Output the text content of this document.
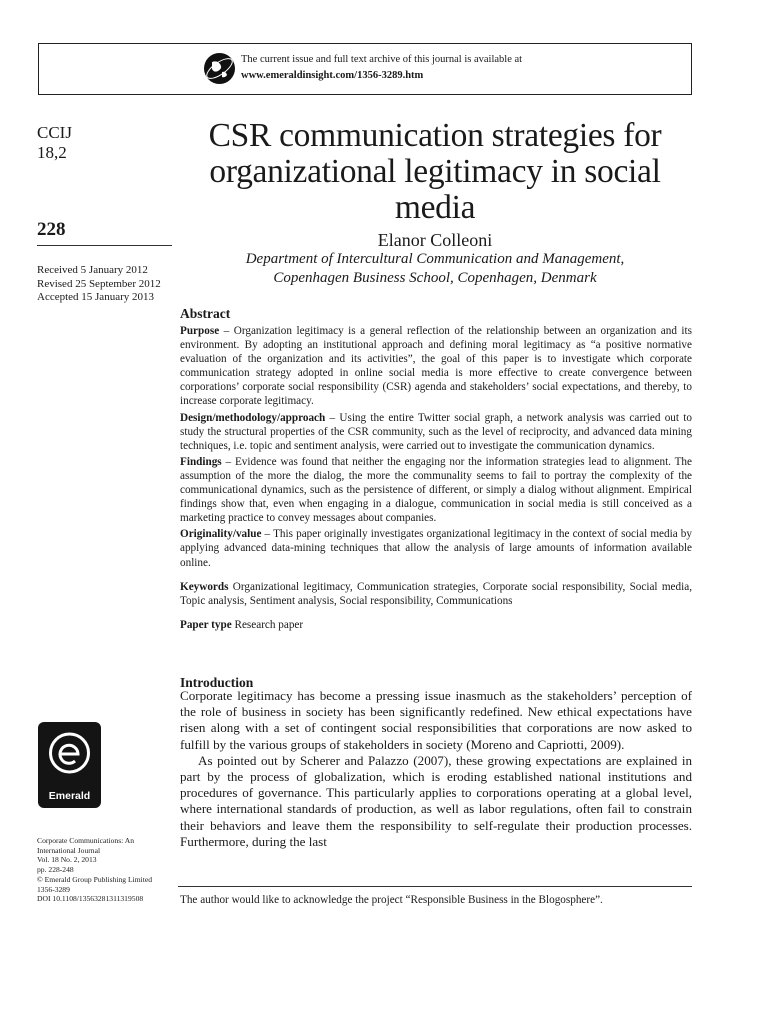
The current issue and full text archive of this journal is available at
www.emeraldinsight.com/1356-3289.htm
CCIJ
18,2
228
Received 5 January 2012
Revised 25 September 2012
Accepted 15 January 2013
CSR communication strategies for organizational legitimacy in social media
Elanor Colleoni
Department of Intercultural Communication and Management,
Copenhagen Business School, Copenhagen, Denmark
Abstract

Purpose – Organization legitimacy is a general reflection of the relationship between an organization and its environment. By adopting an institutional approach and defining moral legitimacy as “a positive normative evaluation of the organization and its activities”, the goal of this paper is to investigate which corporate communication strategy adopted in online social media is more effective to create convergence between corporations’ corporate social responsibility (CSR) agenda and stakeholders’ social expectations, and thereby, to increase corporate legitimacy.

Design/methodology/approach – Using the entire Twitter social graph, a network analysis was carried out to study the structural properties of the CSR community, such as the level of reciprocity, and advanced data mining techniques, i.e. topic and sentiment analysis, were carried out to investigate the communication dynamics.

Findings – Evidence was found that neither the engaging nor the information strategies lead to alignment. The assumption of the more the dialog, the more the communality seems to fail to portray the complexity of the communicational dynamics, such as the persistence of different, or simply a dialog without alignment. Empirical findings show that, even when engaging in a dialogue, communication in social media is still conceived as a marketing practice to convey messages about companies.

Originality/value – This paper originally investigates organizational legitimacy in the context of social media by applying advanced data-mining techniques that allow the analysis of large amounts of information available online.

Keywords Organizational legitimacy, Communication strategies, Corporate social responsibility, Social media, Topic analysis, Sentiment analysis, Social responsibility, Communications

Paper type Research paper

Introduction

Corporate legitimacy has become a pressing issue inasmuch as the stakeholders’ perception of the role of business in society has been significantly redefined. New ethical expectations have risen along with a set of contingent social responsibilities that corporations are now asked to fulfill by the various groups of stakeholders in society (Moreno and Capriotti, 2009).

As pointed out by Scherer and Palazzo (2007), these growing expectations are explained in part by the process of globalization, which is eroding established national institutions and procedures of governance. This particularly applies to corporations operating at a global level, where international standards of production, as well as labor regulations, often fail to constrain their behaviors and leave them the responsibility to self-regulate their production processes. Furthermore, during the last

The author would like to acknowledge the project “Responsible Business in the Blogosphere”.
Emerald
Corporate Communications: An
International Journal
Vol. 18 No. 2, 2013
pp. 228-248
© Emerald Group Publishing Limited
1356-3289
DOI 10.1108/13563281311319508
